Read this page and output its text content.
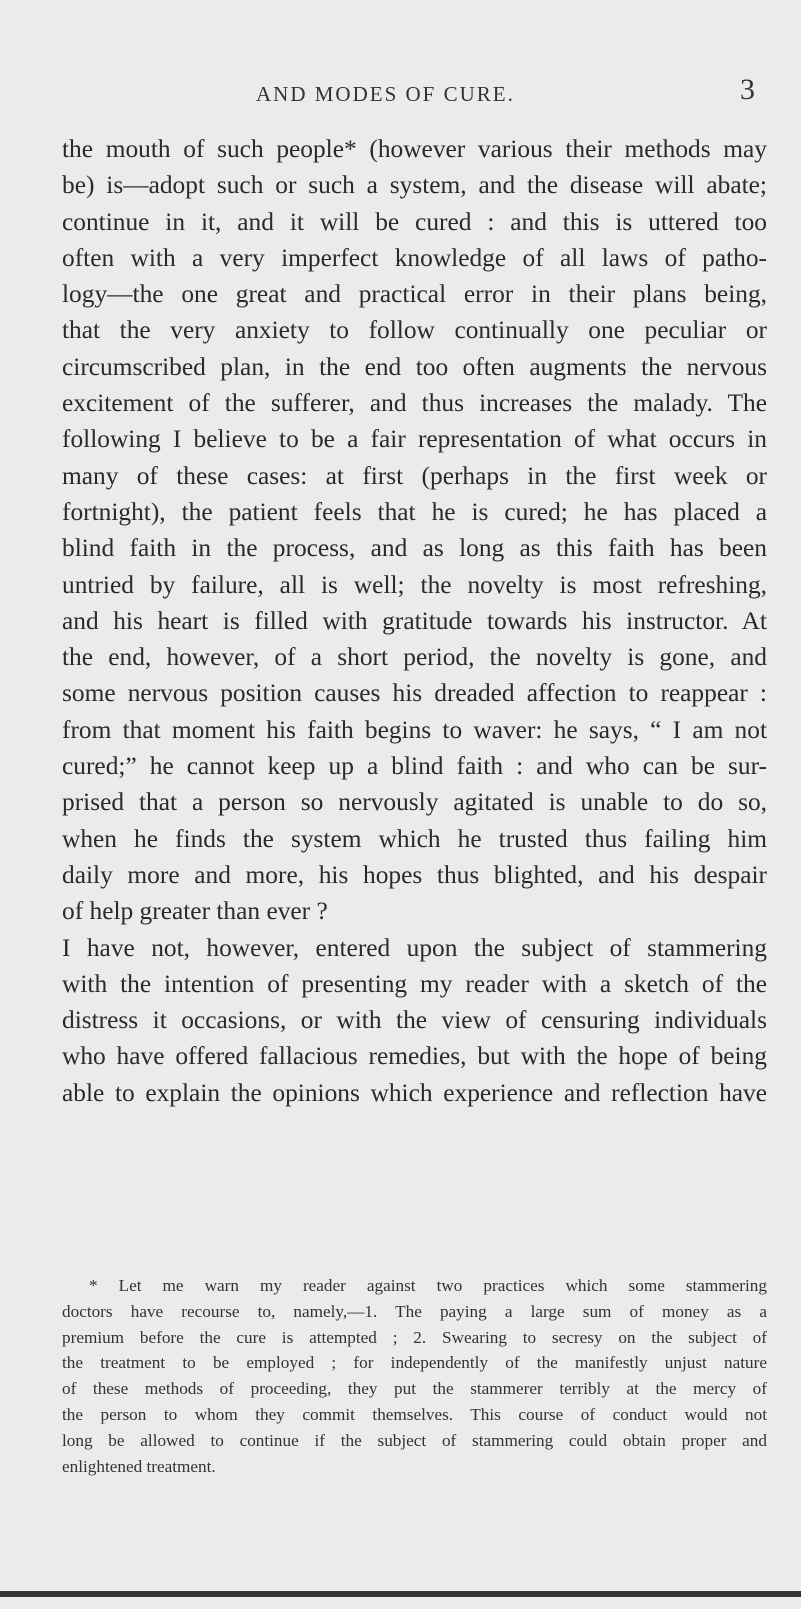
AND MODES OF CURE.	3

the mouth of such people* (however various their methods may
be) is—adopt such or such a system, and the disease will abate;
continue in it, and it will be cured : and this is uttered too
often with a very imperfect knowledge of all laws of patho-
logy—the one great and practical error in their plans being,
that the very anxiety to follow continually one peculiar or
circumscribed plan, in the end too often augments the nervous
excitement of the sufferer, and thus increases the malady. The
following I believe to be a fair representation of what occurs in
many of these cases: at first (perhaps in the first week or
fortnight), the patient feels that he is cured; he has placed a
blind faith in the process, and as long as this faith has been
untried by failure, all is well; the novelty is most refreshing,
and his heart is filled with gratitude towards his instructor. At
the end, however, of a short period, the novelty is gone, and
some nervous position causes his dreaded affection to reappear :
from that moment his faith begins to waver: he says, “ I am not
cured;” he cannot keep up a blind faith : and who can be sur-
prised that a person so nervously agitated is unable to do so,
when he finds the system which he trusted thus failing him
daily more and more, his hopes thus blighted, and his despair
of help greater than ever ?

I have not, however, entered upon the subject of stammering
with the intention of presenting my reader with a sketch of the
distress it occasions, or with the view of censuring individuals
who have offered fallacious remedies, but with the hope of being
able to explain the opinions which experience and reflection have

* Let me warn my reader against two practices which some stammering
doctors have recourse to, namely,—1. The paying a large sum of money as a
premium before the cure is attempted ; 2. Swearing to secresy on the subject of
the treatment to be employed ; for independently of the manifestly unjust nature
of these methods of proceeding, they put the stammerer terribly at the mercy of
the person to whom they commit themselves. This course of conduct would not
long be allowed to continue if the subject of stammering could obtain proper and
enlightened treatment.
